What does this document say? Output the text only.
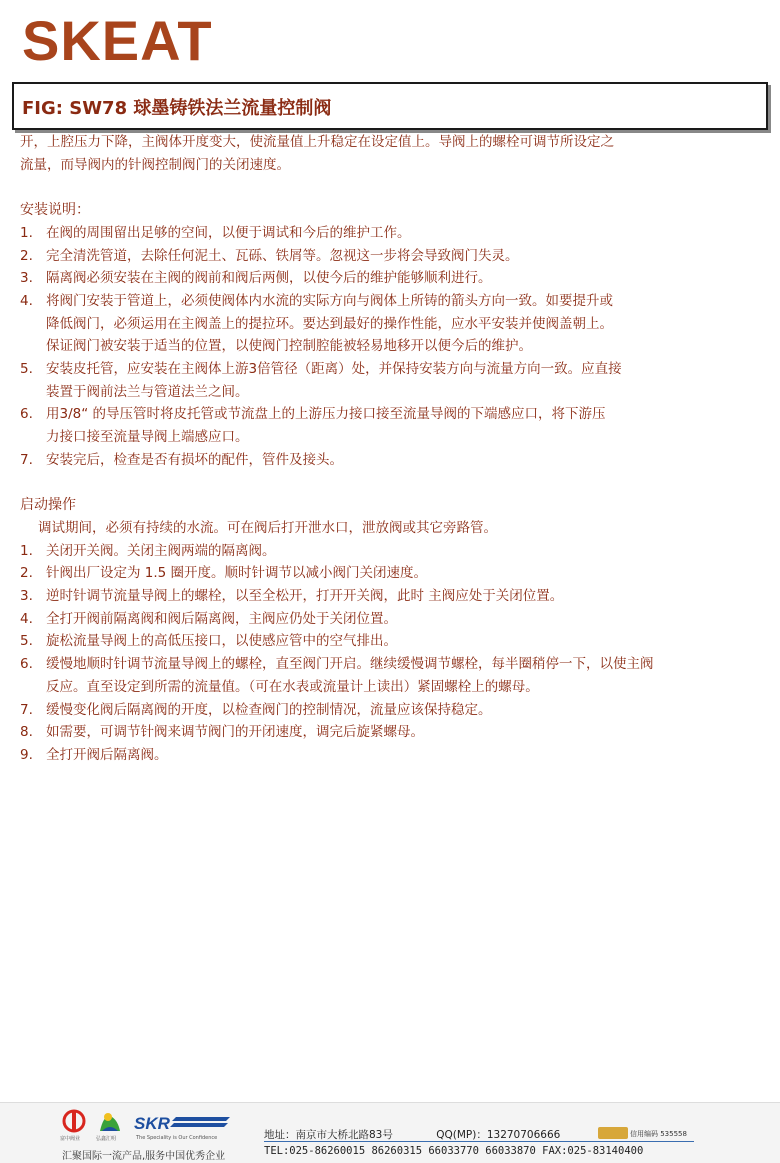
SKEAT
FIG: SW78 球墨铸铁法兰流量控制阀

开，上腔压力下降，主阀体开度变大，使流量值上升稳定在设定值上。导阀上的螺栓可调节所设定之

流量，而导阀内的针阀控制阀门的关闭速度。

安装说明：

1. 在阀的周围留出足够的空间，以便于调试和今后的维护工作。
2. 完全清洗管道，去除任何泥土、瓦砾、铁屑等。忽视这一步将会导致阀门失灵。
3. 隔离阀必须安装在主阀的阀前和阀后两侧，以使今后的维护能够顺利进行。
4. 将阀门安装于管道上，必须使阀体内水流的实际方向与阀体上所铸的箭头方向一致。如要提升或
降低阀门，必须运用在主阀盖上的提拉环。要达到最好的操作性能，应水平安装并使阀盖朝上。
保证阀门被安装于适当的位置，以使阀门控制腔能被轻易地移开以便今后的维护。
5. 安装皮托管，应安装在主阀体上游3倍管径（距离）处，并保持安装方向与流量方向一致。应直接
装置于阀前法兰与管道法兰之间。
6. 用3/8“ 的导压管时将皮托管或节流盘上的上游压力接口接至流量导阀的下端感应口，将下游压
力接口接至流量导阀上端感应口。
7. 安装完后，检查是否有损坏的配件，管件及接头。

启动操作

调试期间，必须有持续的水流。可在阀后打开泄水口，泄放阀或其它旁路管。

1. 关闭开关阀。关闭主阀两端的隔离阀。
2. 针阀出厂设定为 1.5 圈开度。顺时针调节以减小阀门关闭速度。
3. 逆时针调节流量导阀上的螺栓，以至全松开，打开开关阀，此时 主阀应处于关闭位置。
4. 全打开阀前隔离阀和阀后隔离阀，主阀应仍处于关闭位置。
5. 旋松流量导阀上的高低压接口，以使感应管中的空气排出。
6. 缓慢地顺时针调节流量导阀上的螺栓，直至阀门开启。继续缓慢调节螺栓，每半圈稍停一下，以使主阀
反应。直至设定到所需的流量值。（可在水表或流量计上读出）紧固螺栓上的螺母。
7. 缓慢变化阀后隔离阀的开度，以检查阀门的控制情况，流量应该保持稳定。
8. 如需要，可调节针阀来调节阀门的开闭速度，调完后旋紧螺母。
9. 全打开阀后隔离阀。
富中阀业	弘鑫汇明
SKR
The Speciality is Our Confidence
汇聚国际一流产品,服务中国优秀企业
地址：南京市大桥北路83号	QQ(MP)：13270706666	信用编码 535558
TEL:025-86260015 86260315 66033770 66033870 FAX:025-83140400
